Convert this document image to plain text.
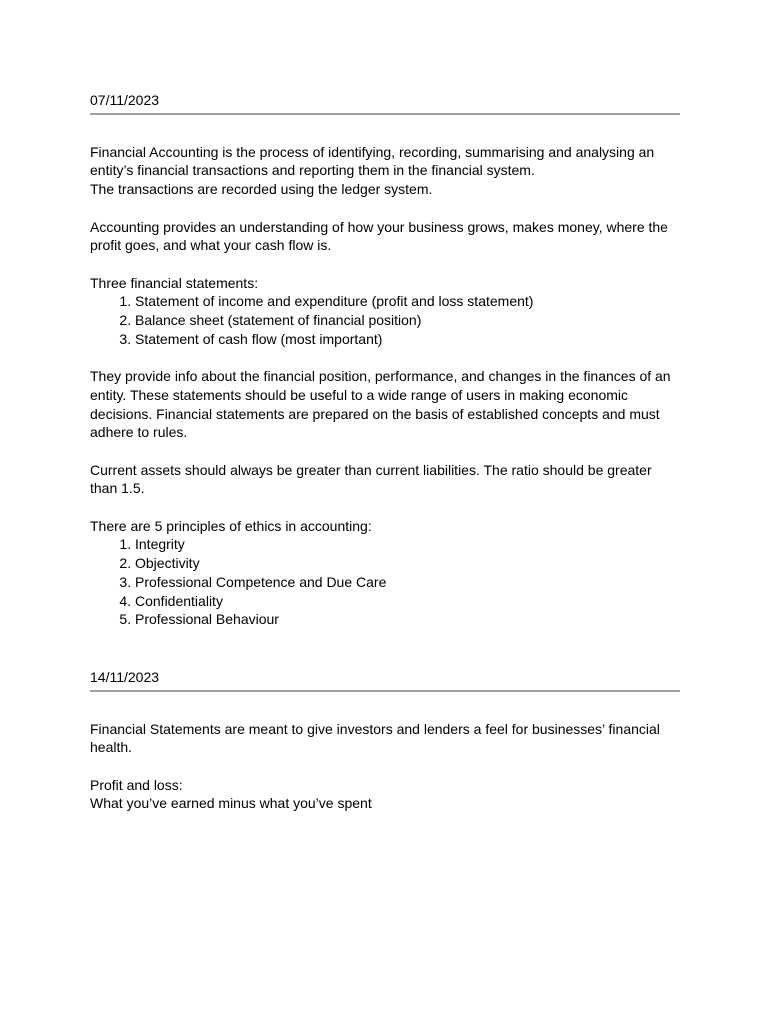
07/11/2023

Financial Accounting is the process of identifying, recording, summarising and analysing an entity’s financial transactions and reporting them in the financial system.

The transactions are recorded using the ledger system.

Accounting provides an understanding of how your business grows, makes money, where the profit goes, and what your cash flow is.

Three financial statements:

1. Statement of income and expenditure (profit and loss statement)
2. Balance sheet (statement of financial position)
3. Statement of cash flow (most important)

They provide info about the financial position, performance, and changes in the finances of an entity. These statements should be useful to a wide range of users in making economic decisions. Financial statements are prepared on the basis of established concepts and must adhere to rules.

Current assets should always be greater than current liabilities. The ratio should be greater than 1.5.

There are 5 principles of ethics in accounting:

1. Integrity
2. Objectivity
3. Professional Competence and Due Care
4. Confidentiality
5. Professional Behaviour

14/11/2023

Financial Statements are meant to give investors and lenders a feel for businesses’ financial health.

Profit and loss:

What you’ve earned minus what you’ve spent
